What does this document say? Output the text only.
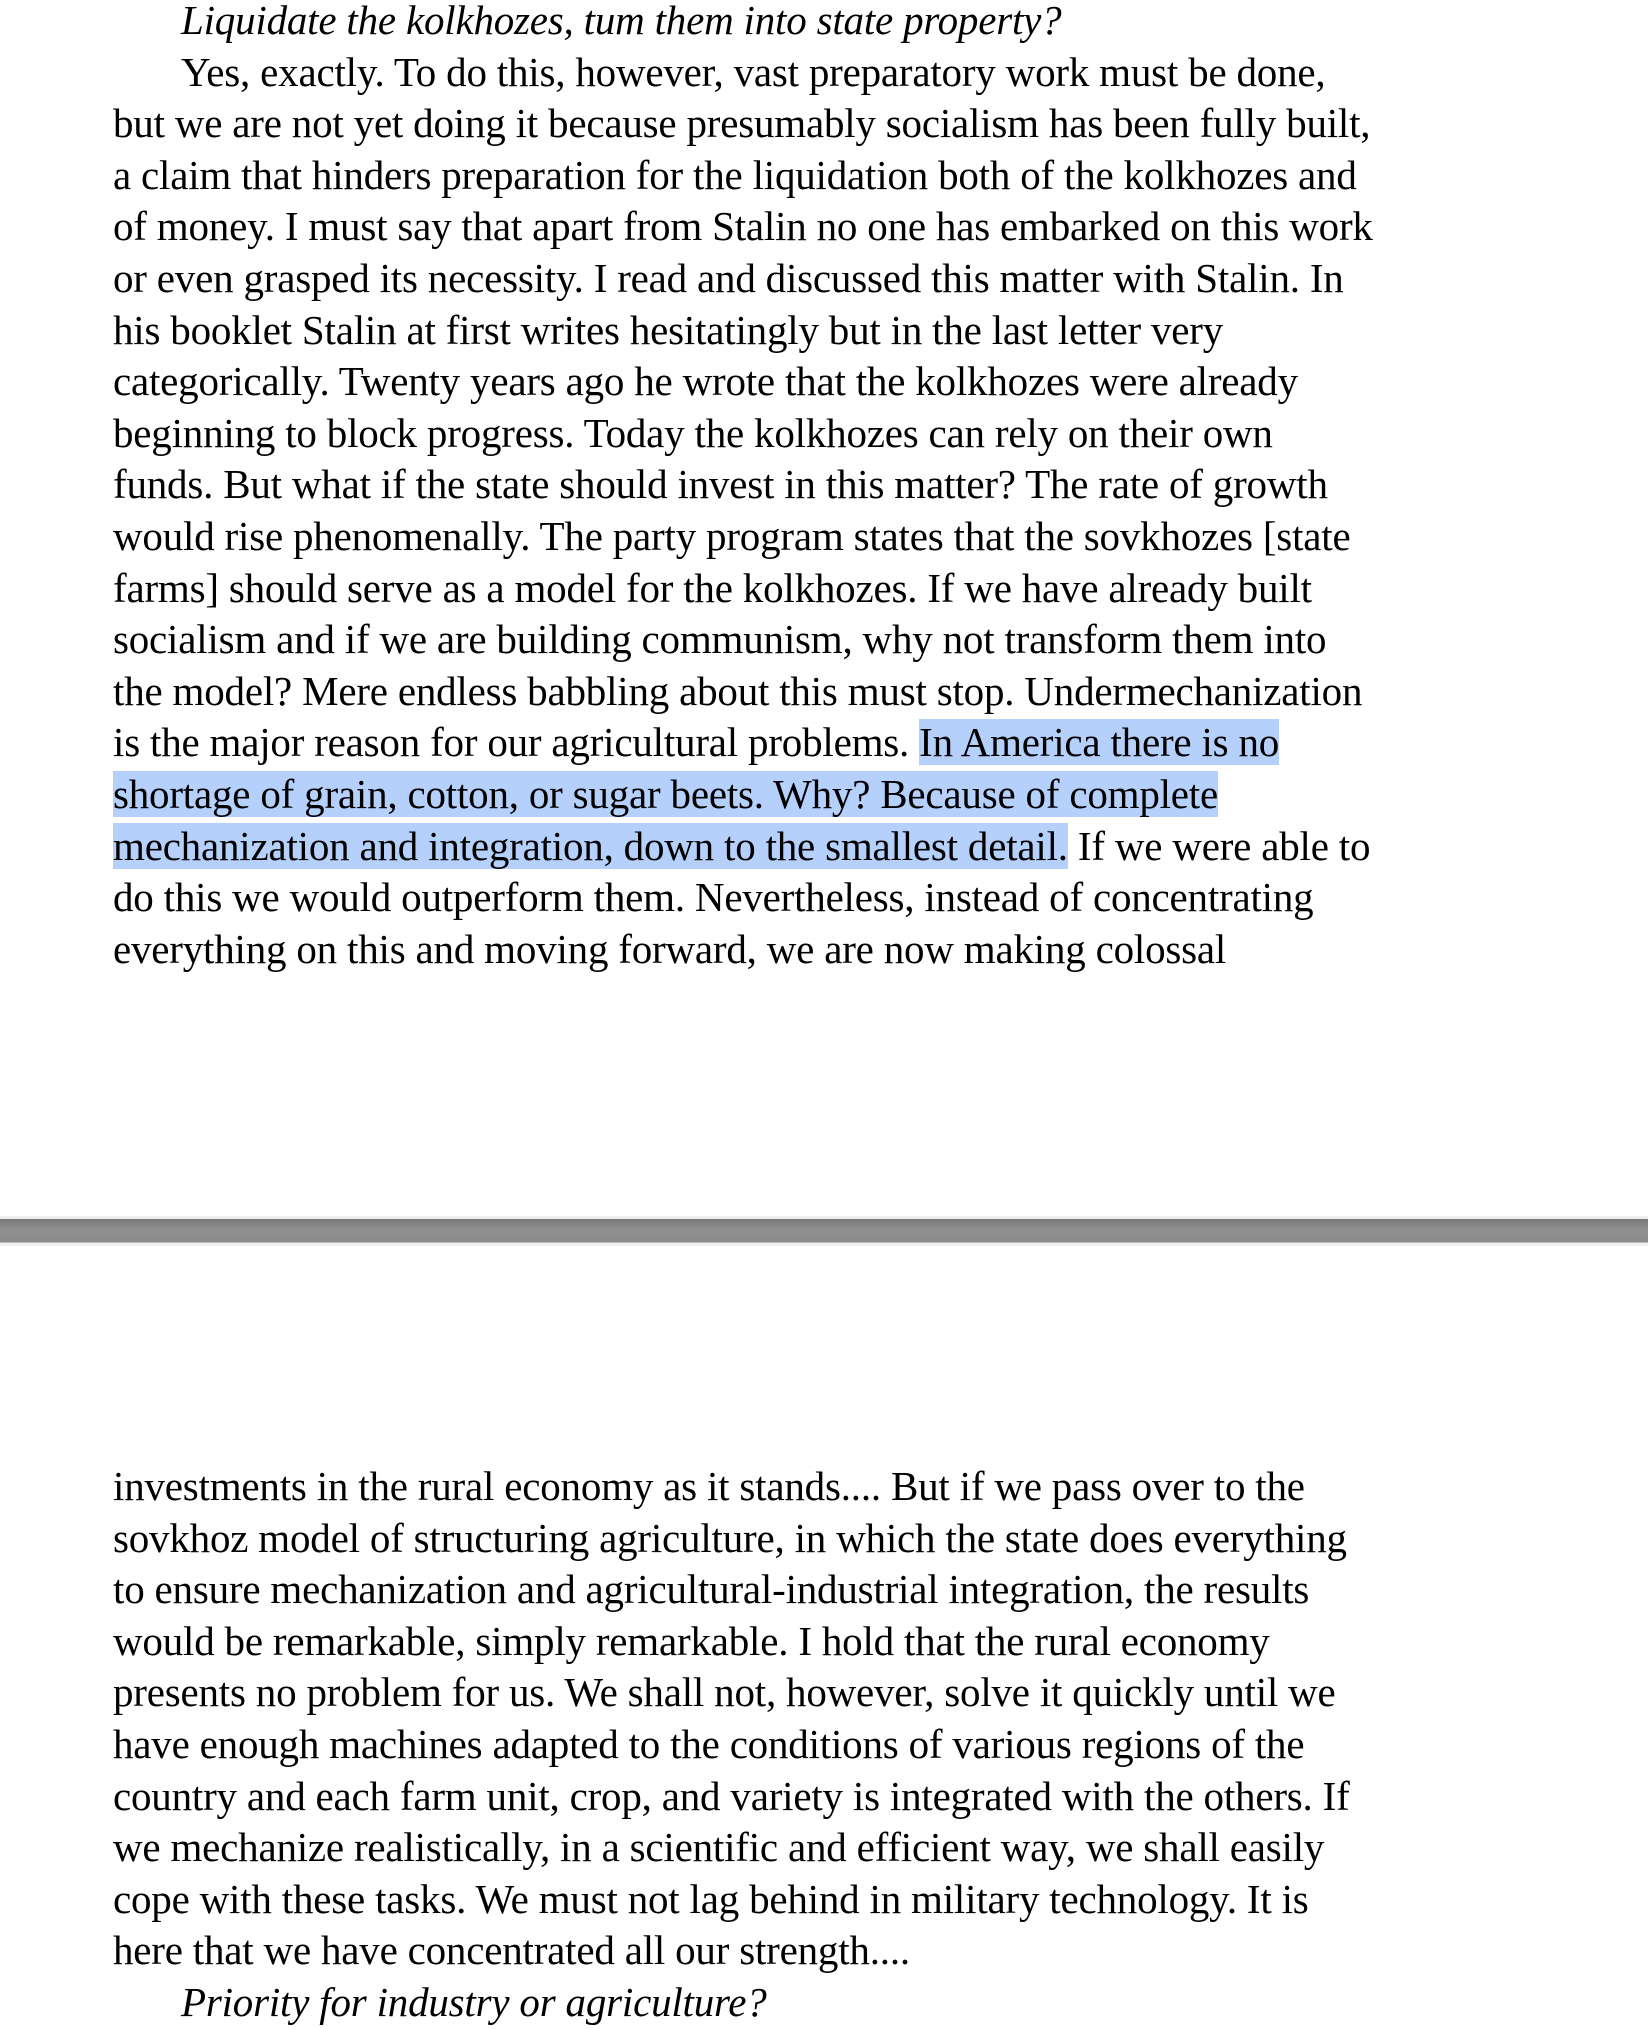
Liquidate the kolkhozes, tum them into state property?
Yes, exactly. To do this, however, vast preparatory work must be done,
but we are not yet doing it because presumably socialism has been fully built,
a claim that hinders preparation for the liquidation both of the kolkhozes and
of money. I must say that apart from Stalin no one has embarked on this work
or even grasped its necessity. I read and discussed this matter with Stalin. In
his booklet Stalin at first writes hesitatingly but in the last letter very
categorically. Twenty years ago he wrote that the kolkhozes were already
beginning to block progress. Today the kolkhozes can rely on their own
funds. But what if the state should invest in this matter? The rate of growth
would rise phenomenally. The party program states that the sovkhozes [state
farms] should serve as a model for the kolkhozes. If we have already built
socialism and if we are building communism, why not transform them into
the model? Mere endless babbling about this must stop. Undermechanization
is the major reason for our agricultural problems. In America there is no
shortage of grain, cotton, or sugar beets. Why? Because of complete
mechanization and integration, down to the smallest detail. If we were able to
do this we would outperform them. Nevertheless, instead of concentrating
everything on this and moving forward, we are now making colossal
investments in the rural economy as it stands.... But if we pass over to the
sovkhoz model of structuring agriculture, in which the state does everything
to ensure mechanization and agricultural-industrial integration, the results
would be remarkable, simply remarkable. I hold that the rural economy
presents no problem for us. We shall not, however, solve it quickly until we
have enough machines adapted to the conditions of various regions of the
country and each farm unit, crop, and variety is integrated with the others. If
we mechanize realistically, in a scientific and efficient way, we shall easily
cope with these tasks. We must not lag behind in military technology. It is
here that we have concentrated all our strength....
Priority for industry or agriculture?
